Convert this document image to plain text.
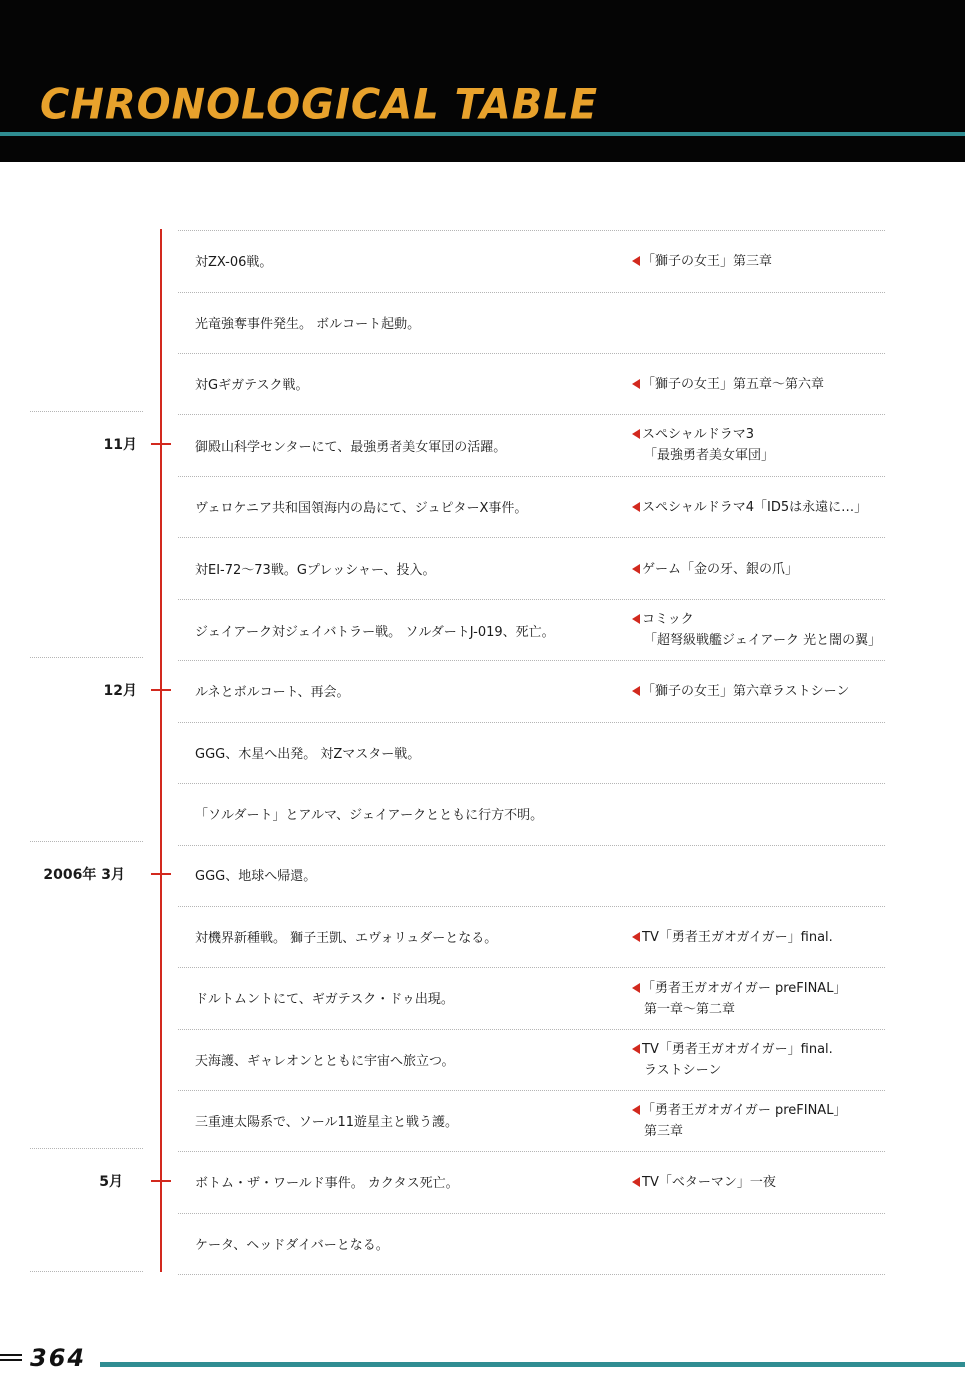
CHRONOLOGICAL TABLE
11月
12月
2006年 3月
5月
対ZX-06戦。
光竜強奪事件発生。 ボルコート起動。
対Gギガテスク戦。
御殿山科学センターにて、最強勇者美女軍団の活躍。
ヴェロケニア共和国領海内の島にて、ジュピターX事件。
対EI-72〜73戦。Gプレッシャー、投入。
ジェイアーク対ジェイバトラー戦。 ソルダートJ-019、死亡。
ルネとボルコート、再会。
GGG、木星へ出発。 対Zマスター戦。
「ソルダート」とアルマ、ジェイアークとともに行方不明。
GGG、地球へ帰還。
対機界新種戦。 獅子王凱、エヴォリュダーとなる。
ドルトムントにて、ギガテスク・ドゥ出現。
天海護、ギャレオンとともに宇宙へ旅立つ。
三重連太陽系で、ソール11遊星主と戦う護。
ボトム・ザ・ワールド事件。 カクタス死亡。
ケータ、ヘッドダイバーとなる。
「獅子の女王」第三章
「獅子の女王」第五章〜第六章
スペシャルドラマ3
「最強勇者美女軍団」
スペシャルドラマ4「ID5は永遠に…」
ゲーム「金の牙、銀の爪」
コミック
「超弩級戦艦ジェイアーク 光と闇の翼」
「獅子の女王」第六章ラストシーン
TV「勇者王ガオガイガー」final.
「勇者王ガオガイガー preFINAL」
第一章〜第二章
TV「勇者王ガオガイガー」final.
ラストシーン
「勇者王ガオガイガー preFINAL」
第三章
TV「ベターマン」一夜
364
